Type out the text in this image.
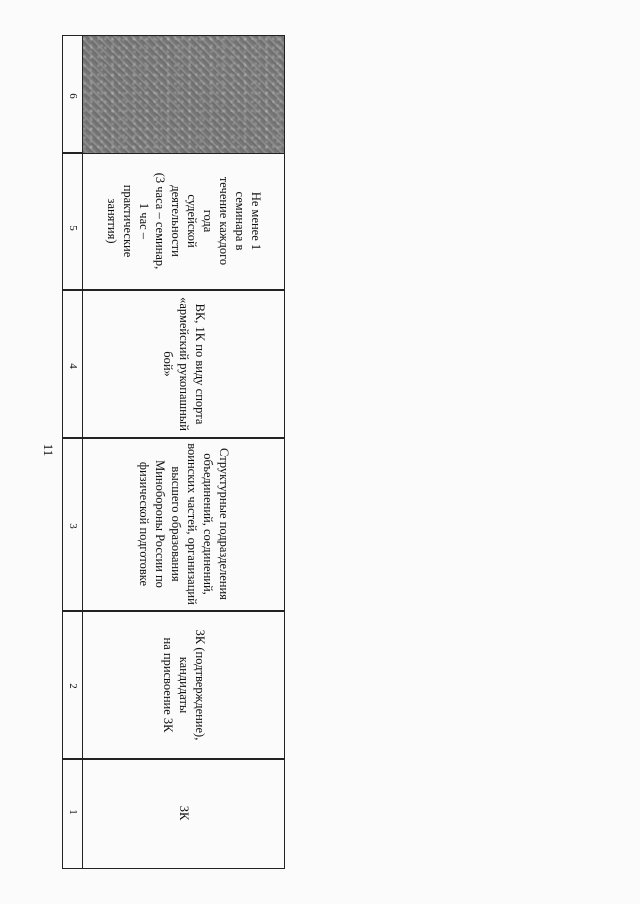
11
6
5
4
3
2
1
Не менее 1 семинара в
течение каждого года
судейской деятельности
(3 часа – семинар,
1 час – практические
занятия)
ВК, 1К по виду спорта
«армейский рукопашный
бой»
Структурные подразделения
объединений, соединений,
воинских частей, организаций
высшего образования
Минобороны России по
физической подготовке
ЗК (подтверждение),
кандидаты
на присвоение ЗК
ЗК
